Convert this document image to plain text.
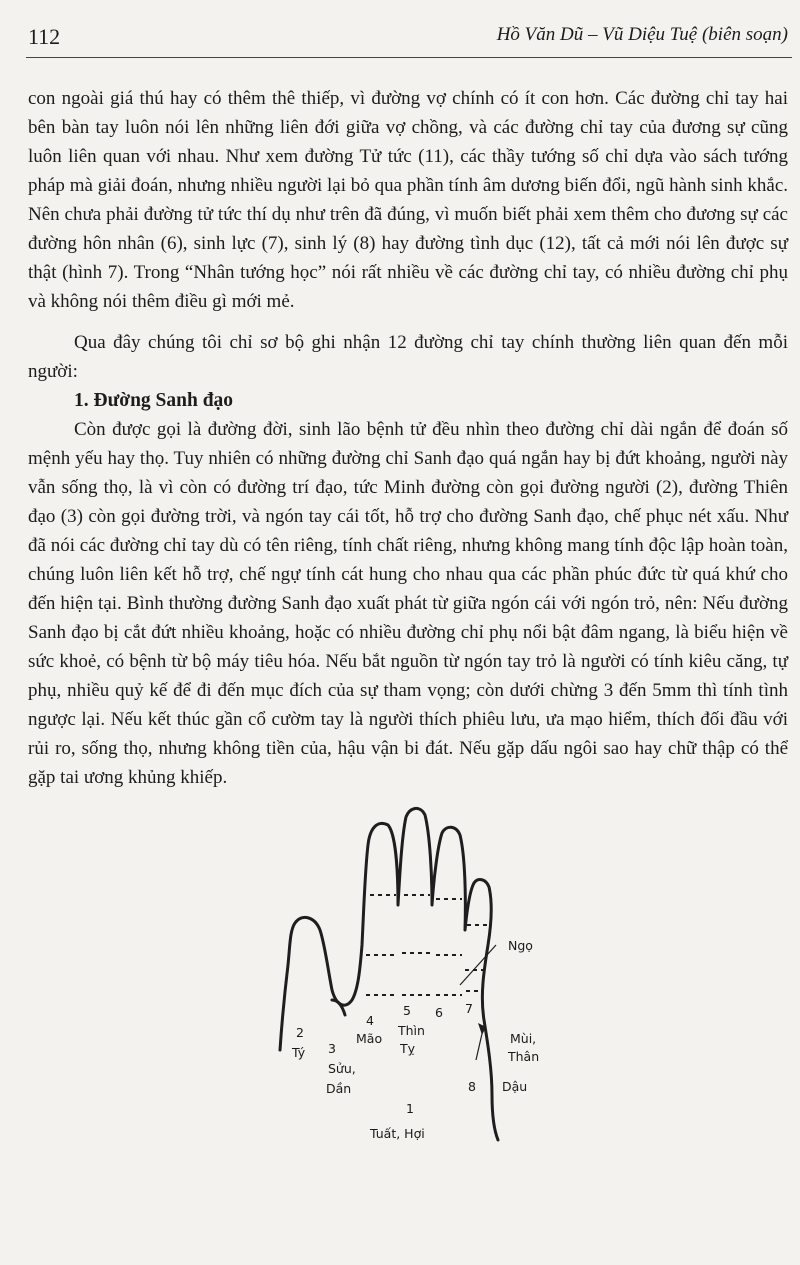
112	Hồ Văn Dũ – Vũ Diệu Tuệ (biên soạn)

con ngoài giá thú hay có thêm thê thiếp, vì đường vợ chính có ít con hơn. Các đường chỉ tay hai bên bàn tay luôn nói lên những liên đới giữa vợ chồng, và các đường chỉ tay của đương sự cũng luôn liên quan với nhau. Như xem đường Tử tức (11), các thầy tướng số chỉ dựa vào sách tướng pháp mà giải đoán, nhưng nhiều người lại bỏ qua phần tính âm dương biến đổi, ngũ hành sinh khắc. Nên chưa phải đường tử tức thí dụ như trên đã đúng, vì muốn biết phải xem thêm cho đương sự các đường hôn nhân (6), sinh lực (7), sinh lý (8) hay đường tình dục (12), tất cả mới nói lên được sự thật (hình 7). Trong “Nhân tướng học” nói rất nhiều về các đường chỉ tay, có nhiều đường chỉ phụ và không nói thêm điều gì mới mẻ.

Qua đây chúng tôi chỉ sơ bộ ghi nhận 12 đường chỉ tay chính thường liên quan đến mỗi người:

1. Đường Sanh đạo

Còn được gọi là đường đời, sinh lão bệnh tử đều nhìn theo đường chỉ dài ngắn để đoán số mệnh yếu hay thọ. Tuy nhiên có những đường chỉ Sanh đạo quá ngắn hay bị đứt khoảng, người này vẫn sống thọ, là vì còn có đường trí đạo, tức Minh đường còn gọi đường người (2), đường Thiên đạo (3) còn gọi đường trời, và ngón tay cái tốt, hỗ trợ cho đường Sanh đạo, chế phục nét xấu. Như đã nói các đường chỉ tay dù có tên riêng, tính chất riêng, nhưng không mang tính độc lập hoàn toàn, chúng luôn liên kết hỗ trợ, chế ngự tính cát hung cho nhau qua các phần phúc đức từ quá khứ cho đến hiện tại. Bình thường đường Sanh đạo xuất phát từ giữa ngón cái với ngón trỏ, nên: Nếu đường Sanh đạo bị cắt đứt nhiều khoảng, hoặc có nhiều đường chỉ phụ nổi bật đâm ngang, là biểu hiện về sức khoẻ, có bệnh từ bộ máy tiêu hóa. Nếu bắt nguồn từ ngón tay trỏ là người có tính kiêu căng, tự phụ, nhiều quỷ kế để đi đến mục đích của sự tham vọng; còn dưới chừng 3 đến 5mm thì tính tình ngược lại. Nếu kết thúc gần cổ cườm tay là người thích phiêu lưu, ưa mạo hiểm, thích đối đầu với rủi ro, sống thọ, nhưng không tiền của, hậu vận bi đát. Nếu gặp dấu ngôi sao hay chữ thập có thể gặp tai ương khủng khiếp.

Ngọ
7
6
5
Thìn
Tỵ
4
Mão
2
Tý 3
Sửu,
Dần
Mùi,
Thân
8 Dậu
1
Tuất, Hợi
